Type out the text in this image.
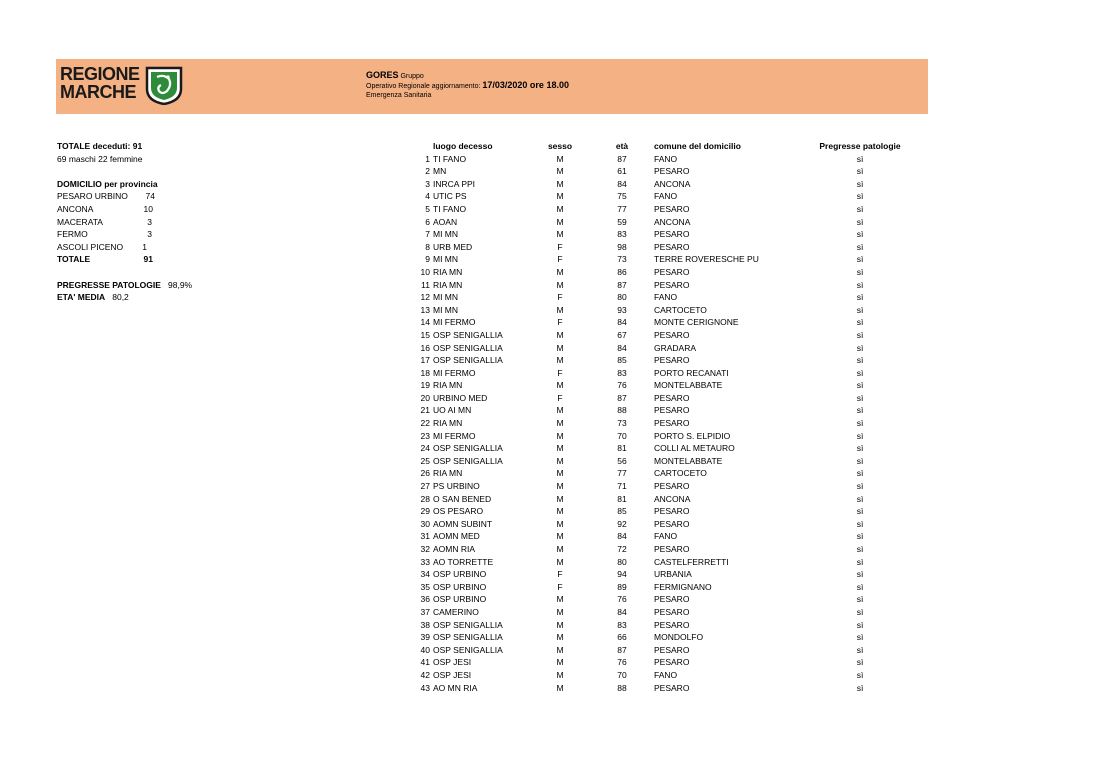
REGIONE
MARCHE
GORES Gruppo
Operativo Regionale aggiornamento: 17/03/2020 ore 18.00
Emergenza Sanitaria
TOTALE deceduti: 91
69 maschi 22 femmine
DOMICILIO per provincia
PESARO URBINO	74
ANCONA	10
MACERATA	3
FERMO	3
ASCOLI PICENO	1
TOTALE	91
PREGRESSE PATOLOGIE 98,9%
ETA' MEDIA 80,2
luogo decesso	sesso	età	comune del domicilio	Pregresse patologie
1 TI FANO	M	87	FANO	sì
2 MN	M	61	PESARO	sì
3 INRCA PPI	M	84	ANCONA	sì
4 UTIC PS	M	75	FANO	sì
5 TI FANO	M	77	PESARO	sì
6 AOAN	M	59	ANCONA	sì
7 MI MN	M	83	PESARO	sì
8 URB MED	F	98	PESARO	sì
9 MI MN	F	73	TERRE ROVERESCHE PU	sì
10 RIA MN	M	86	PESARO	sì
11 RIA MN	M	87	PESARO	sì
12 MI MN	F	80	FANO	sì
13 MI MN	M	93	CARTOCETO	sì
14 MI FERMO	F	84	MONTE CERIGNONE	sì
15 OSP SENIGALLIA	M	67	PESARO	sì
16 OSP SENIGALLIA	M	84	GRADARA	sì
17 OSP SENIGALLIA	M	85	PESARO	sì
18 MI FERMO	F	83	PORTO RECANATI	sì
19 RIA MN	M	76	MONTELABBATE	sì
20 URBINO MED	F	87	PESARO	sì
21 UO AI MN	M	88	PESARO	sì
22 RIA MN	M	73	PESARO	sì
23 MI FERMO	M	70	PORTO S. ELPIDIO	sì
24 OSP SENIGALLIA	M	81	COLLI AL METAURO	sì
25 OSP SENIGALLIA	M	56	MONTELABBATE	sì
26 RIA MN	M	77	CARTOCETO	sì
27 PS URBINO	M	71	PESARO	sì
28 O SAN BENED	M	81	ANCONA	sì
29 OS PESARO	M	85	PESARO	sì
30 AOMN SUBINT	M	92	PESARO	sì
31 AOMN MED	M	84	FANO	sì
32 AOMN RIA	M	72	PESARO	sì
33 AO TORRETTE	M	80	CASTELFERRETTI	sì
34 OSP URBINO	F	94	URBANIA	sì
35 OSP URBINO	F	89	FERMIGNANO	sì
36 OSP URBINO	M	76	PESARO	sì
37 CAMERINO	M	84	PESARO	sì
38 OSP SENIGALLIA	M	83	PESARO	sì
39 OSP SENIGALLIA	M	66	MONDOLFO	sì
40 OSP SENIGALLIA	M	87	PESARO	sì
41 OSP JESI	M	76	PESARO	sì
42 OSP JESI	M	70	FANO	sì
43 AO MN RIA	M	88	PESARO	sì
